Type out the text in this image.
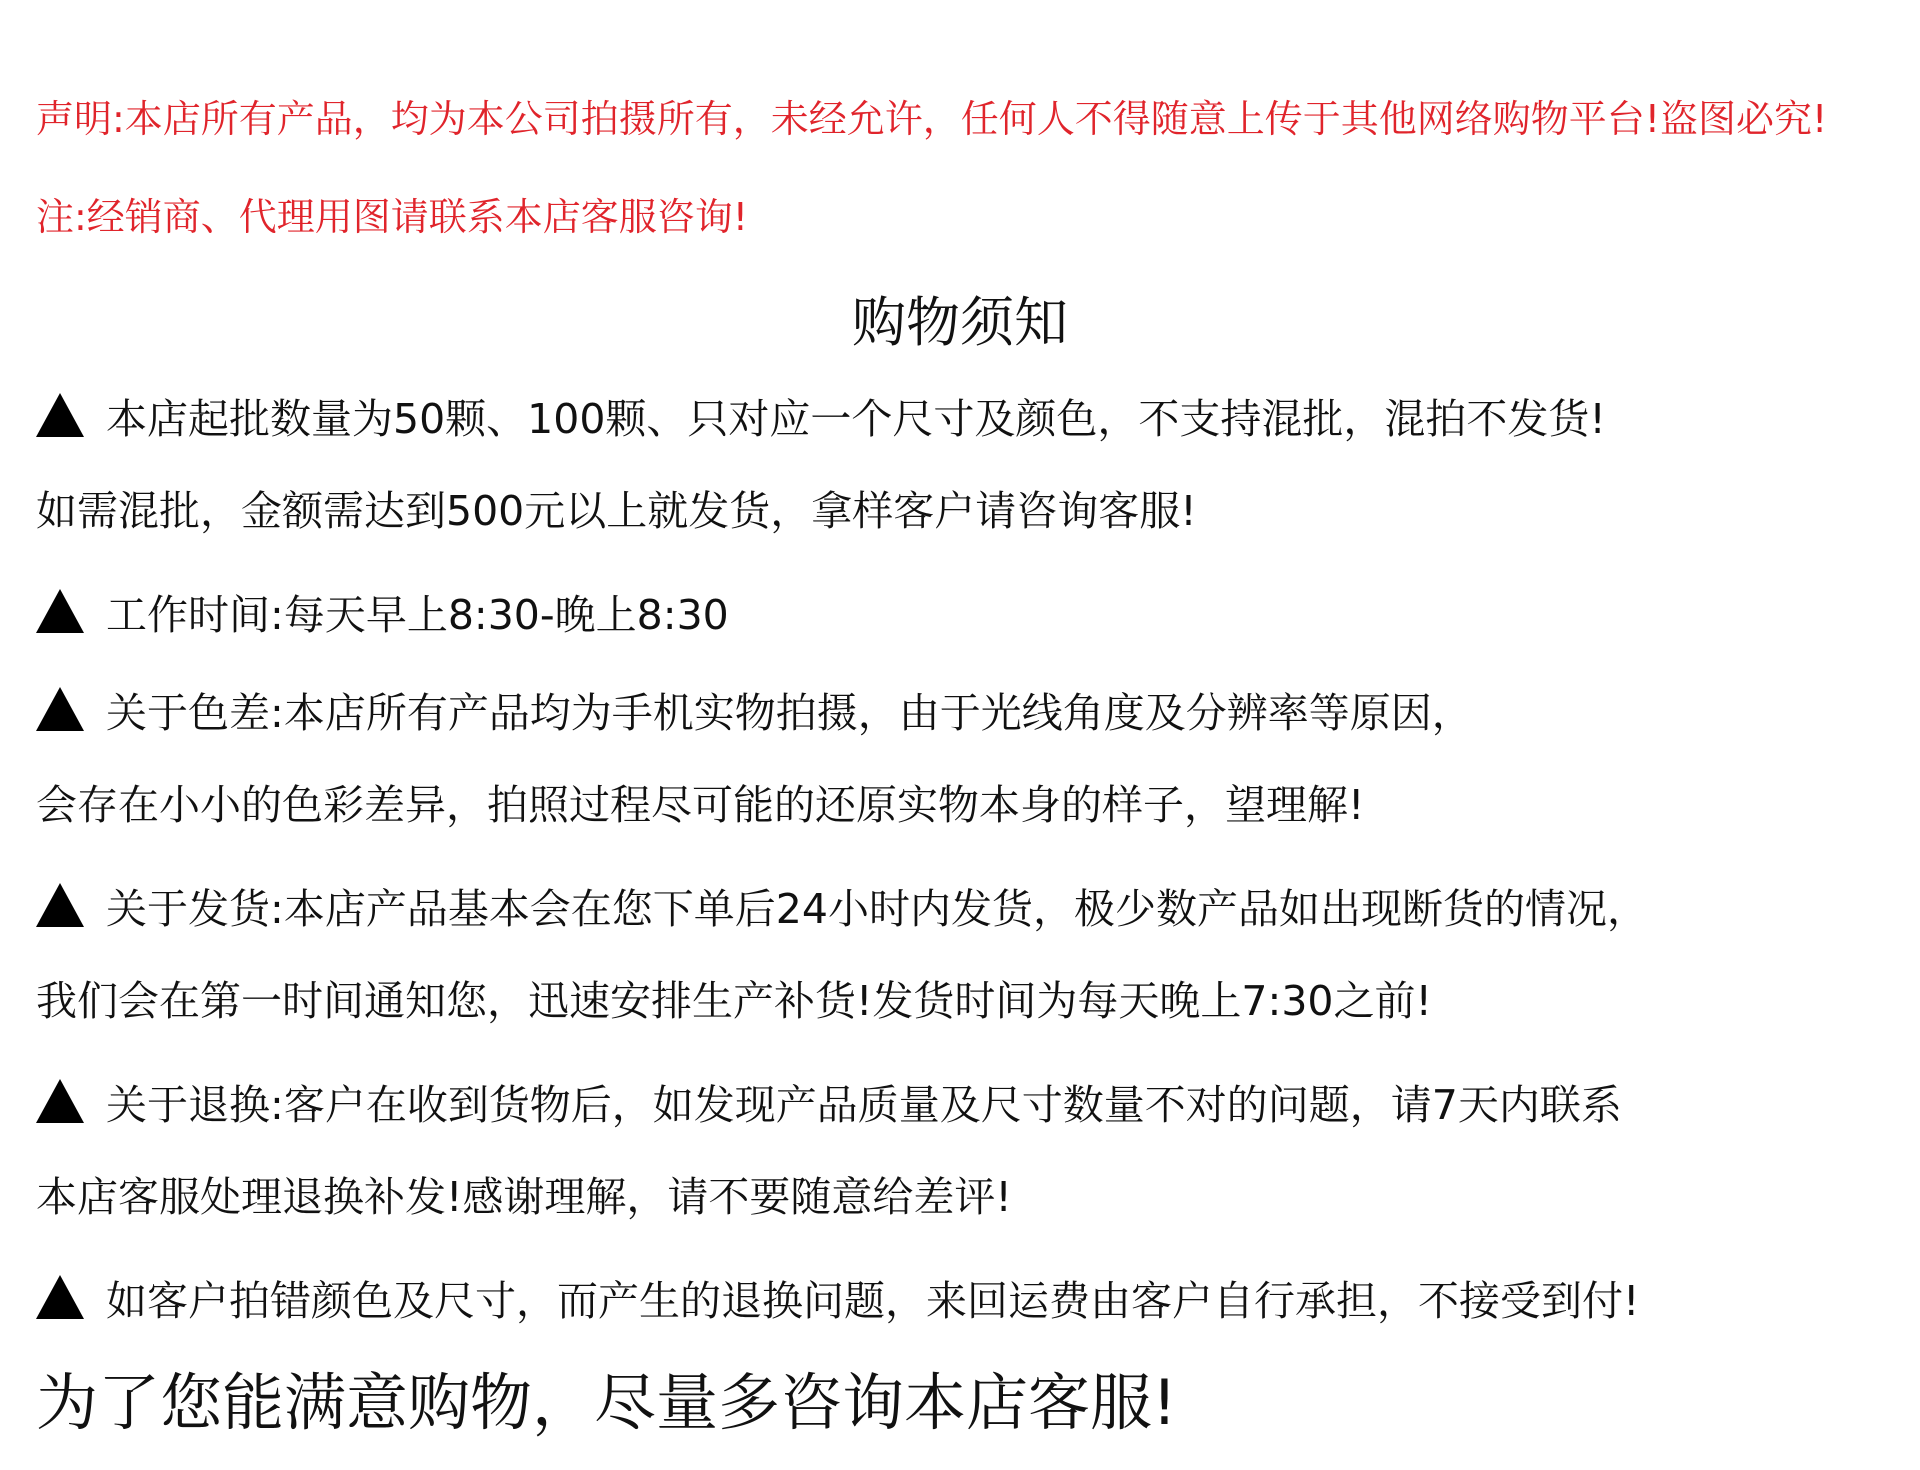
声明:本店所有产品，均为本公司拍摄所有，未经允许，任何人不得随意上传于其他网络购物平台!盗图必究!
注:经销商、代理用图请联系本店客服咨询!
购物须知
本店起批数量为50颗、100颗、只对应一个尺寸及颜色，不支持混批，混拍不发货!
如需混批，金额需达到500元以上就发货，拿样客户请咨询客服!
工作时间:每天早上8:30-晚上8:30
关于色差:本店所有产品均为手机实物拍摄，由于光线角度及分辨率等原因，
会存在小小的色彩差异，拍照过程尽可能的还原实物本身的样子，望理解!
关于发货:本店产品基本会在您下单后24小时内发货，极少数产品如出现断货的情况，
我们会在第一时间通知您，迅速安排生产补货!发货时间为每天晚上7:30之前!
关于退换:客户在收到货物后，如发现产品质量及尺寸数量不对的问题，请7天内联系
本店客服处理退换补发!感谢理解，请不要随意给差评!
如客户拍错颜色及尺寸，而产生的退换问题，来回运费由客户自行承担，不接受到付!
为了您能满意购物，尽量多咨询本店客服!
